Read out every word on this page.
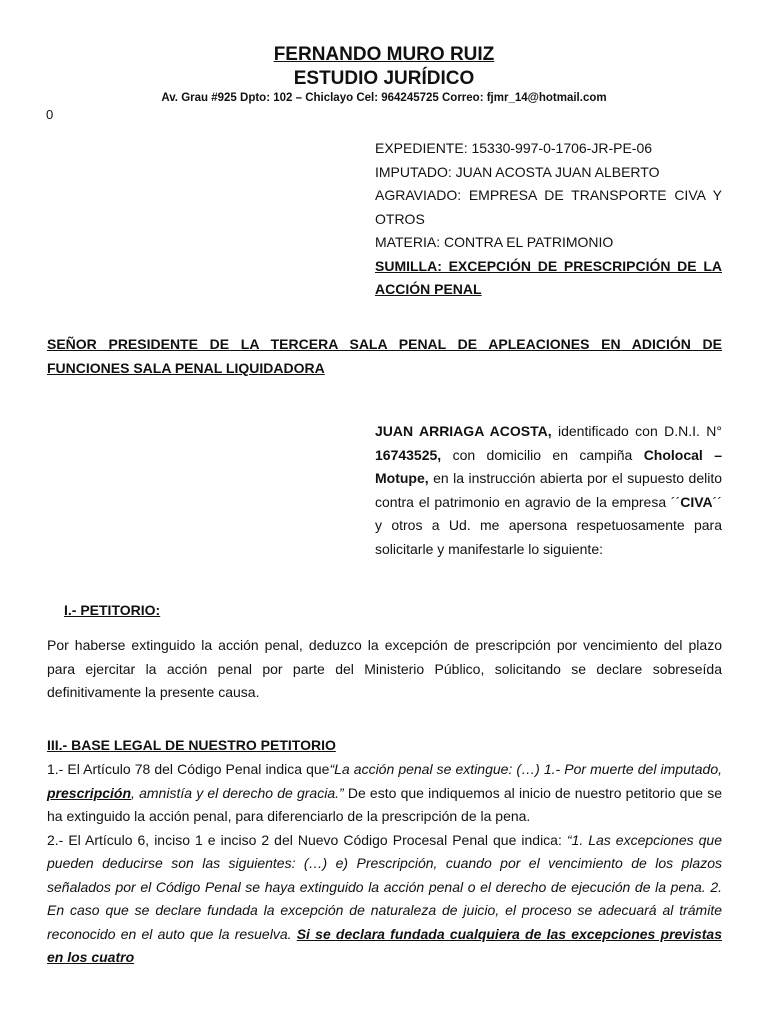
FERNANDO MURO RUIZ
ESTUDIO JURÍDICO
Av. Grau #925 Dpto: 102 – Chiclayo Cel: 964245725 Correo: fjmr_14@hotmail.com
0
EXPEDIENTE: 15330-997-0-1706-JR-PE-06
IMPUTADO: JUAN ACOSTA JUAN ALBERTO
AGRAVIADO: EMPRESA DE TRANSPORTE CIVA Y OTROS
MATERIA: CONTRA EL PATRIMONIO
SUMILLA: EXCEPCIÓN DE PRESCRIPCIÓN DE LA ACCIÓN PENAL
SEÑOR PRESIDENTE DE LA TERCERA SALA PENAL DE APLEACIONES EN ADICIÓN DE FUNCIONES SALA PENAL LIQUIDADORA
JUAN ARRIAGA ACOSTA, identificado con D.N.I. N° 16743525, con domicilio en campiña Cholocal – Motupe, en la instrucción abierta por el supuesto delito contra el patrimonio en agravio de la empresa ´´CIVA´´ y otros a Ud. me apersona respetuosamente para solicitarle y manifestarle lo siguiente:
I.- PETITORIO:
Por haberse extinguido la acción penal, deduzco la excepción de prescripción por vencimiento del plazo para ejercitar la acción penal por parte del Ministerio Público, solicitando se declare sobreseída definitivamente la presente causa.
III.- BASE LEGAL DE NUESTRO PETITORIO

1.- El Artículo 78 del Código Penal indica que“La acción penal se extingue: (…) 1.- Por muerte del imputado, prescripción, amnistía y el derecho de gracia.” De esto que indiquemos al inicio de nuestro petitorio que se ha extinguido la acción penal, para diferenciarlo de la prescripción de la pena.

2.- El Artículo 6, inciso 1 e inciso 2 del Nuevo Código Procesal Penal que indica: “1. Las excepciones que pueden deducirse son las siguientes: (…) e) Prescripción, cuando por el vencimiento de los plazos señalados por el Código Penal se haya extinguido la acción penal o el derecho de ejecución de la pena. 2. En caso que se declare fundada la excepción de naturaleza de juicio, el proceso se adecuará al trámite reconocido en el auto que la resuelva. Si se declara fundada cualquiera de las excepciones previstas en los cuatro
